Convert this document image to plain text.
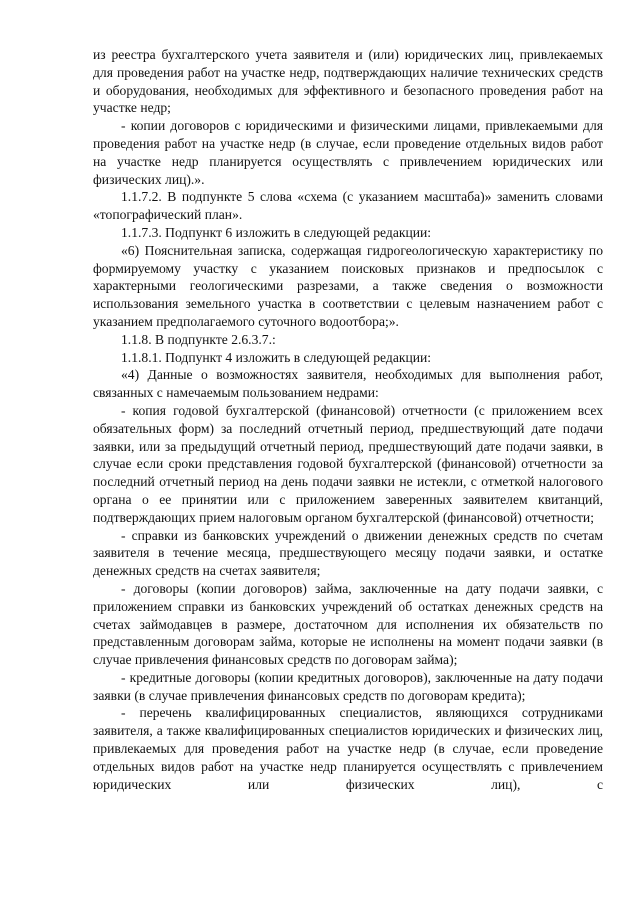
из реестра бухгалтерского учета заявителя и (или) юридических лиц, привлекаемых для проведения работ на участке недр, подтверждающих наличие технических средств и оборудования, необходимых для эффективного и безопасного проведения работ на участке недр;

- копии договоров с юридическими и физическими лицами, привлекаемыми для проведения работ на участке недр (в случае, если проведение отдельных видов работ на участке недр планируется осуществлять с привлечением юридических или физических лиц).».

1.1.7.2. В подпункте 5 слова «схема (с указанием масштаба)» заменить словами «топографический план».

1.1.7.3. Подпункт 6 изложить в следующей редакции:

«6) Пояснительная записка, содержащая гидрогеологическую характеристику по формируемому участку с указанием поисковых признаков и предпосылок с характерными геологическими разрезами, а также сведения о возможности использования земельного участка в соответствии с целевым назначением работ с указанием предполагаемого суточного водоотбора;».

1.1.8. В подпункте 2.6.3.7.:

1.1.8.1. Подпункт 4 изложить в следующей редакции:

«4) Данные о возможностях заявителя, необходимых для выполнения работ, связанных с намечаемым пользованием недрами:

- копия годовой бухгалтерской (финансовой) отчетности (с приложением всех обязательных форм) за последний отчетный период, предшествующий дате подачи заявки, или за предыдущий отчетный период, предшествующий дате подачи заявки, в случае если сроки представления годовой бухгалтерской (финансовой) отчетности за последний отчетный период на день подачи заявки не истекли, с отметкой налогового органа о ее принятии или с приложением заверенных заявителем квитанций, подтверждающих прием налоговым органом бухгалтерской (финансовой) отчетности;

- справки из банковских учреждений о движении денежных средств по счетам заявителя в течение месяца, предшествующего месяцу подачи заявки, и остатке денежных средств на счетах заявителя;

- договоры (копии договоров) займа, заключенные на дату подачи заявки, с приложением справки из банковских учреждений об остатках денежных средств на счетах займодавцев в размере, достаточном для исполнения их обязательств по представленным договорам займа, которые не исполнены на момент подачи заявки (в случае привлечения финансовых средств по договорам займа);

- кредитные договоры (копии кредитных договоров), заключенные на дату подачи заявки (в случае привлечения финансовых средств по договорам кредита);

- перечень квалифицированных специалистов, являющихся сотрудниками заявителя, а также квалифицированных специалистов юридических и физических лиц, привлекаемых для проведения работ на участке недр (в случае, если проведение отдельных видов работ на участке недр планируется осуществлять с привлечением юридических или физических лиц), с
